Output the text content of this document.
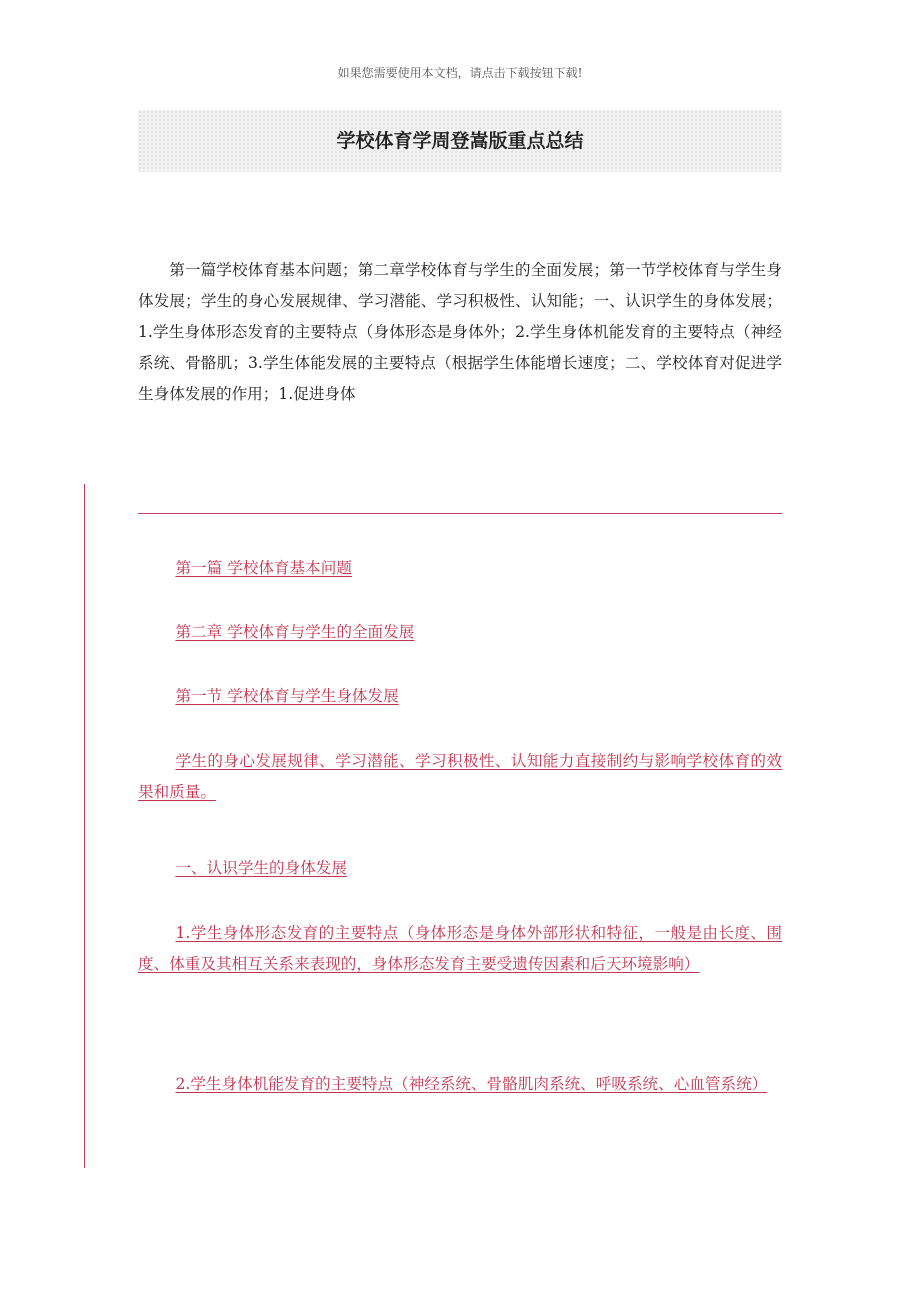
如果您需要使用本文档，请点击下载按钮下载!
学校体育学周登嵩版重点总结

第一篇学校体育基本问题；第二章学校体育与学生的全面发展；第一节学校体育与学生身体发展；学生的身心发展规律、学习潜能、学习积极性、认知能；一、认识学生的身体发展；1.学生身体形态发育的主要特点（身体形态是身体外；2.学生身体机能发育的主要特点（神经系统、骨骼肌；3.学生体能发展的主要特点（根据学生体能增长速度；二、学校体育对促进学生身体发展的作用；1.促进身体

第一篇 学校体育基本问题

第二章 学校体育与学生的全面发展

第一节 学校体育与学生身体发展

学生的身心发展规律、学习潜能、学习积极性、认知能力直接制约与影响学校体育的效果和质量。

一、认识学生的身体发展

1.学生身体形态发育的主要特点（身体形态是身体外部形状和特征，一般是由长度、围度、体重及其相互关系来表现的，身体形态发育主要受遗传因素和后天环境影响）

2.学生身体机能发育的主要特点（神经系统、骨骼肌肉系统、呼吸系统、心血管系统）
